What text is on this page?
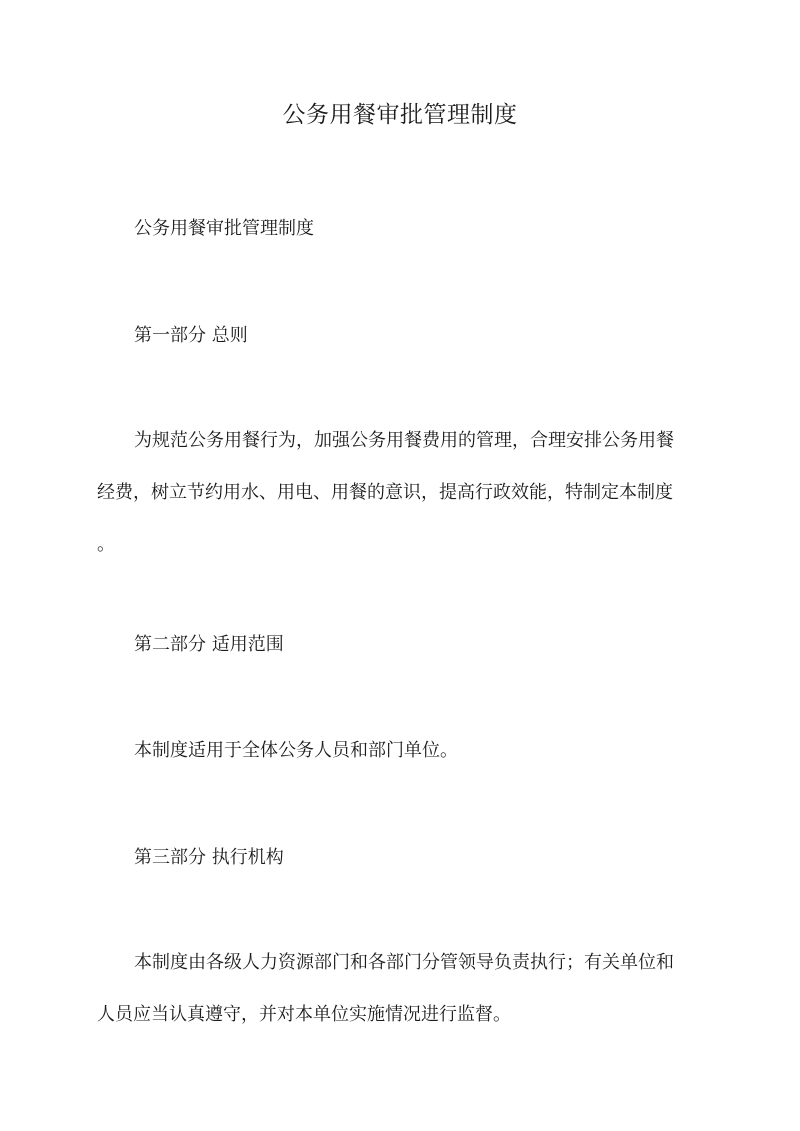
公务用餐审批管理制度

公务用餐审批管理制度

第一部分 总则

为规范公务用餐行为，加强公务用餐费用的管理，合理安排公务用餐

经费，树立节约用水、用电、用餐的意识，提高行政效能，特制定本制度

。

第二部分 适用范围

本制度适用于全体公务人员和部门单位。

第三部分 执行机构

本制度由各级人力资源部门和各部门分管领导负责执行；有关单位和

人员应当认真遵守，并对本单位实施情况进行监督。
